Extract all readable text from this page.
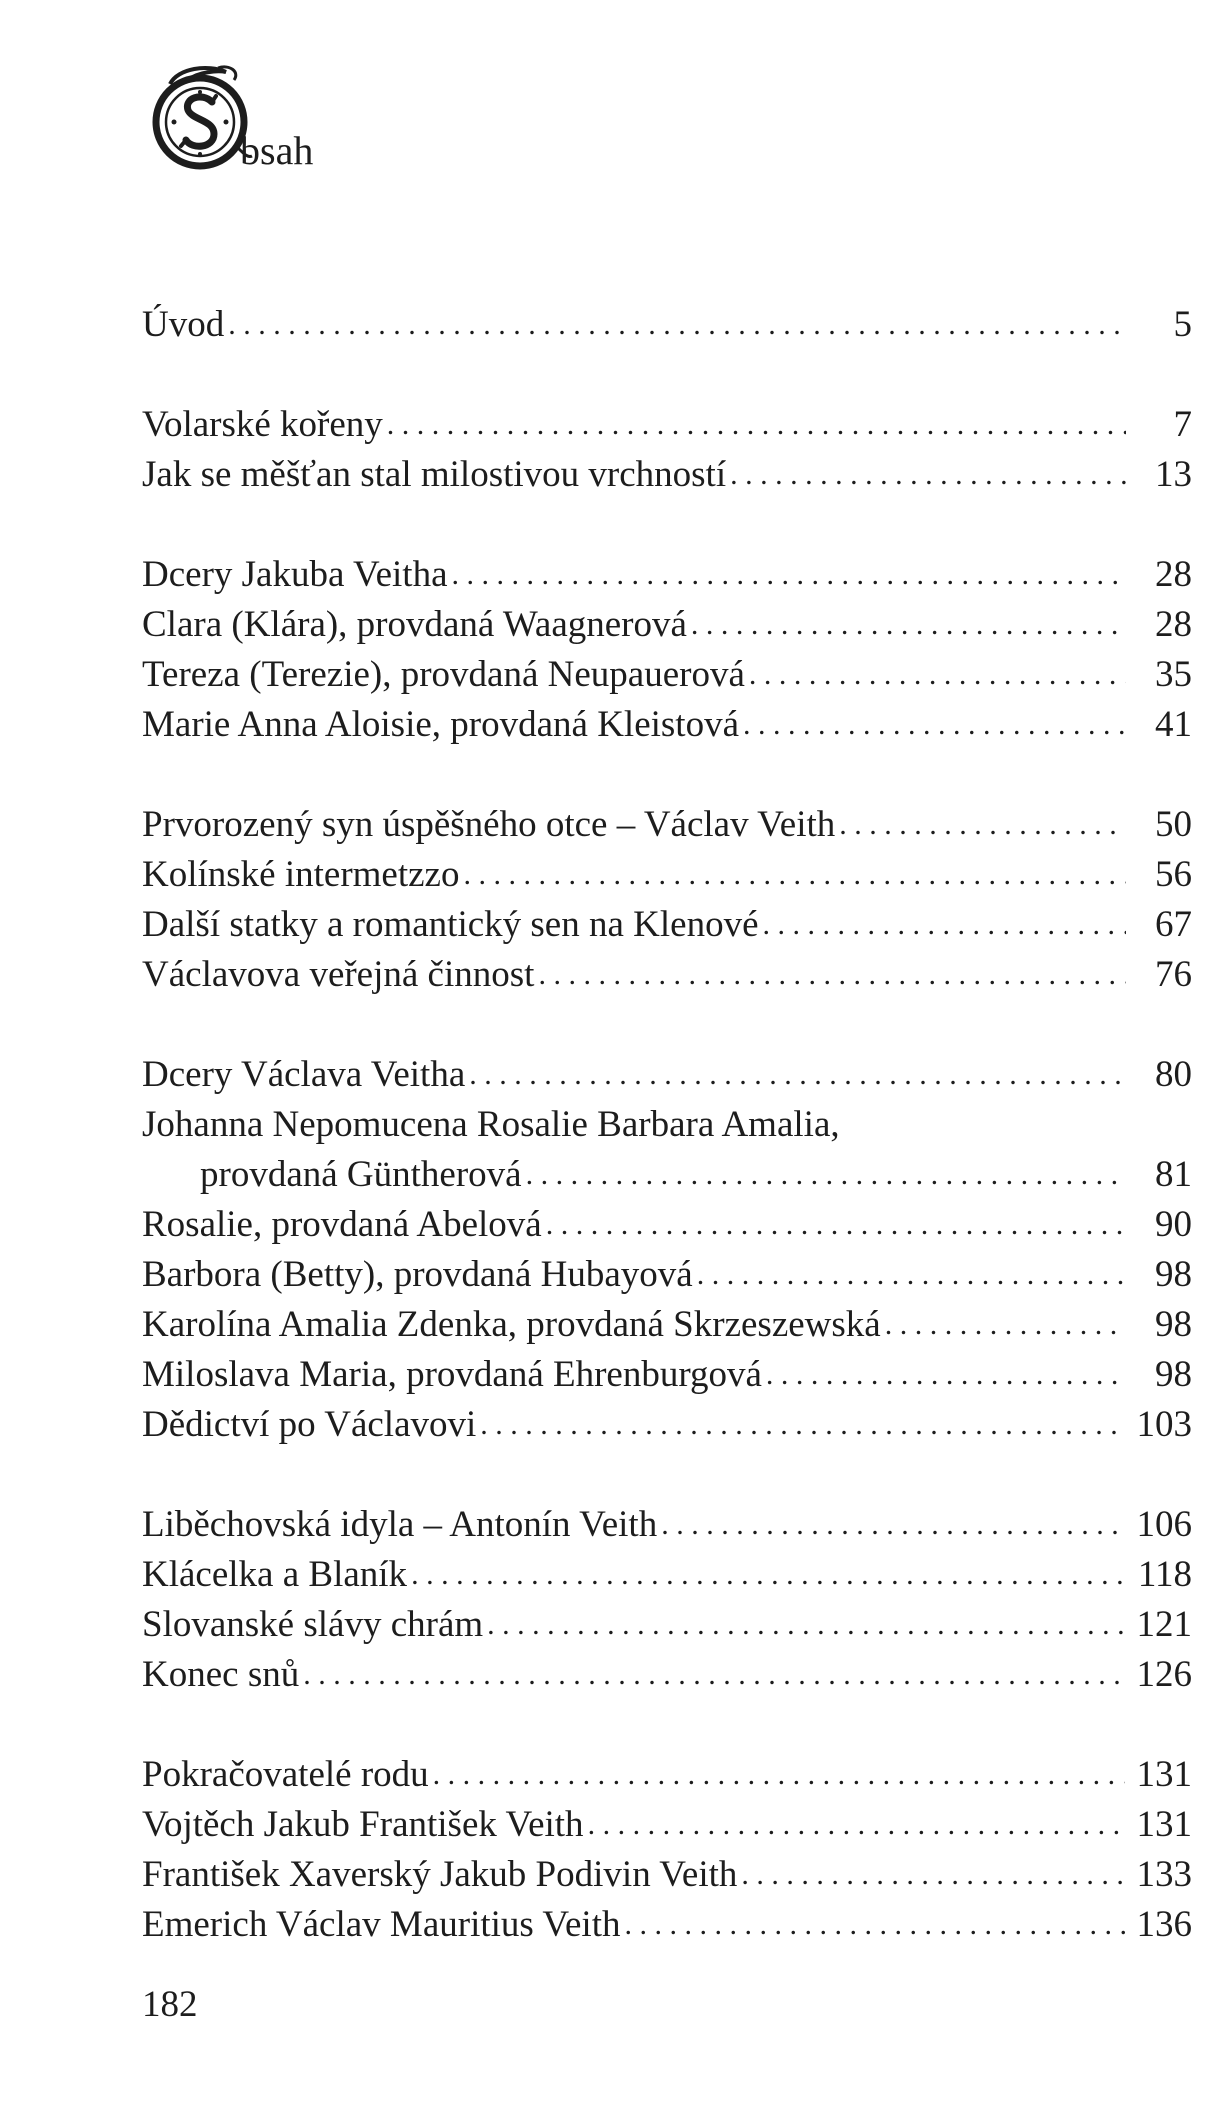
bsah
Úvod . . .	5
Volarské kořeny . . .	7
Jak se měšťan stal milostivou vrchností . . .	13
Dcery Jakuba Veitha . . .	28
Clara (Klára), provdaná Waagnerová . . .	28
Tereza (Terezie), provdaná Neupauerová . . .	35
Marie Anna Aloisie, provdaná Kleistová . . .	41
Prvorozený syn úspěšného otce – Václav Veith . . .	50
Kolínské intermetzzo . . .	56
Další statky a romantický sen na Klenové . . .	67
Václavova veřejná činnost . . .	76
Dcery Václava Veitha . . .	80
Johanna Nepomucena Rosalie Barbara Amalia,
provdaná Güntherová . . .	81
Rosalie, provdaná Abelová . . .	90
Barbora (Betty), provdaná Hubayová . . .	98
Karolína Amalia Zdenka, provdaná Skrzeszewská . . .	98
Miloslava Maria, provdaná Ehrenburgová . . .	98
Dědictví po Václavovi . . .	103
Liběchovská idyla – Antonín Veith . . .	106
Klácelka a Blaník . . .	118
Slovanské slávy chrám . . .	121
Konec snů . . .	126
Pokračovatelé rodu . . .	131
Vojtěch Jakub František Veith . . .	131
František Xaverský Jakub Podivin Veith . . .	133
Emerich Václav Mauritius Veith . . .	136
182
